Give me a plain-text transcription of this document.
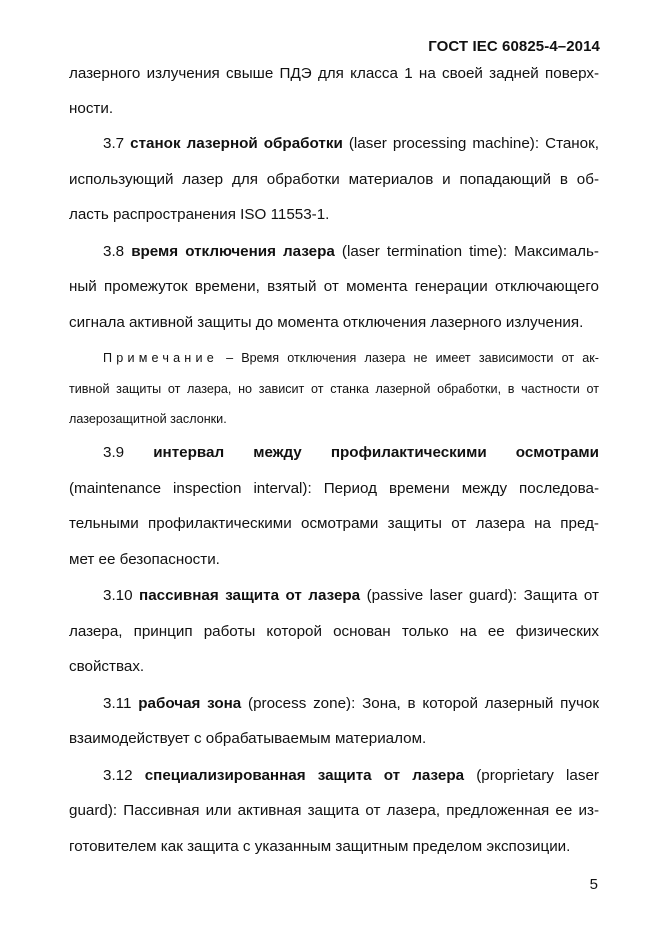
ГОСТ IEC 60825-4–2014
лазерного излучения свыше ПДЭ для класса 1 на своей задней поверх-
ности.
3.7 станок лазерной обработки (laser processing machine): Станок,
использующий лазер для обработки материалов и попадающий в об-
ласть распространения ISO 11553-1.
3.8 время отключения лазера (laser termination time): Максималь-
ный промежуток времени, взятый от момента генерации отключающего
сигнала активной защиты до момента отключения лазерного излучения.
Примечание – Время отключения лазера не имеет зависимости от ак-
тивной защиты от лазера, но зависит от станка лазерной обработки, в частности от
лазерозащитной заслонки.
3.9 интервал между профилактическими осмотрами
(maintenance inspection interval): Период времени между последова-
тельными профилактическими осмотрами защиты от лазера на пред-
мет ее безопасности.
3.10 пассивная защита от лазера (passive laser guard): Защита от
лазера, принцип работы которой основан только на ее физических
свойствах.
3.11 рабочая зона (process zone): Зона, в которой лазерный пучок
взаимодействует с обрабатываемым материалом.
3.12 специализированная защита от лазера (proprietary laser
guard): Пассивная или активная защита от лазера, предложенная ее из-
готовителем как защита с указанным защитным пределом экспозиции.
5
